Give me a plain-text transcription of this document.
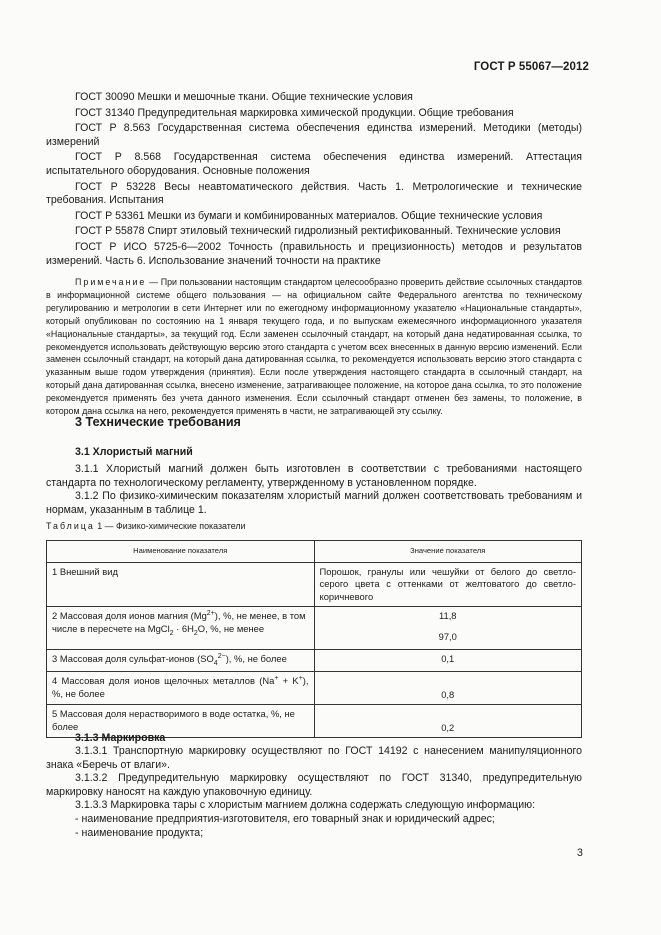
ГОСТ Р 55067—2012

ГОСТ 30090 Мешки и мешочные ткани. Общие технические условия

ГОСТ 31340 Предупредительная маркировка химической продукции. Общие требования

ГОСТ Р 8.563 Государственная система обеспечения единства измерений. Методики (методы) измерений

ГОСТ Р 8.568 Государственная система обеспечения единства измерений. Аттестация испытательного оборудования. Основные положения

ГОСТ Р 53228 Весы неавтоматического действия. Часть 1. Метрологические и технические требования. Испытания

ГОСТ Р 53361 Мешки из бумаги и комбинированных материалов. Общие технические условия

ГОСТ Р 55878 Спирт этиловый технический гидролизный ректификованный. Технические условия

ГОСТ Р ИСО 5725-6—2002 Точность (правильность и прецизионность) методов и результатов измерений. Часть 6. Использование значений точности на практике

Примечание — При пользовании настоящим стандартом целесообразно проверить действие ссылочных стандартов в информационной системе общего пользования — на официальном сайте Федерального агентства по техническому регулированию и метрологии в сети Интернет или по ежегодному информационному указателю «Национальные стандарты», который опубликован по состоянию на 1 января текущего года, и по выпускам ежемесячного информационного указателя «Национальные стандарты», за текущий год. Если заменен ссылочный стандарт, на который дана недатированная ссылка, то рекомендуется использовать действующую версию этого стандарта с учетом всех внесенных в данную версию изменений. Если заменен ссылочный стандарт, на который дана датированная ссылка, то рекомендуется использовать версию этого стандарта с указанным выше годом утверждения (принятия). Если после утверждения настоящего стандарта в ссылочный стандарт, на который дана датированная ссылка, внесено изменение, затрагивающее положение, на которое дана ссылка, то это положение рекомендуется применять без учета данного изменения. Если ссылочный стандарт отменен без замены, то положение, в котором дана ссылка на него, рекомендуется применять в части, не затрагивающей эту ссылку.

3 Технические требования
3.1 Хлористый магний

3.1.1 Хлористый магний должен быть изготовлен в соответствии с требованиями настоящего стандарта по технологическому регламенту, утвержденному в установленном порядке.

3.1.2 По физико-химическим показателям хлористый магний должен соответствовать требованиям и нормам, указанным в таблице 1.

Таблица 1 — Физико-химические показатели
Наименование показателя	Значение показателя
1 Внешний вид	Порошок, гранулы или чешуйки от белого до светло-серого цвета с оттенками от желтоватого до светло-коричневого
2 Массовая доля ионов магния $(Mg^{2+})$, %, не менее, в том числе в пересчете на MgCl$_2$ · $6H_2O$, %, не менее	11,8
97,0

3 Массовая доля сульфат-ионов $(SO_4^{2-})$, %, не более	0,1
4 Массовая доля ионов щелочных металлов (Na+ + K+), %, не более	0,8
5 Массовая доля нерастворимого в воде остатка, %, не более	0,2
3.1.3 Маркировка

3.1.3.1 Транспортную маркировку осуществляют по ГОСТ 14192 с нанесением манипуляционного знака «Беречь от влаги».

3.1.3.2 Предупредительную маркировку осуществляют по ГОСТ 31340, предупредительную маркировку наносят на каждую упаковочную единицу.

3.1.3.3 Маркировка тары с хлористым магнием должна содержать следующую информацию:

- наименование предприятия-изготовителя, его товарный знак и юридический адрес;
- наименование продукта;
3
